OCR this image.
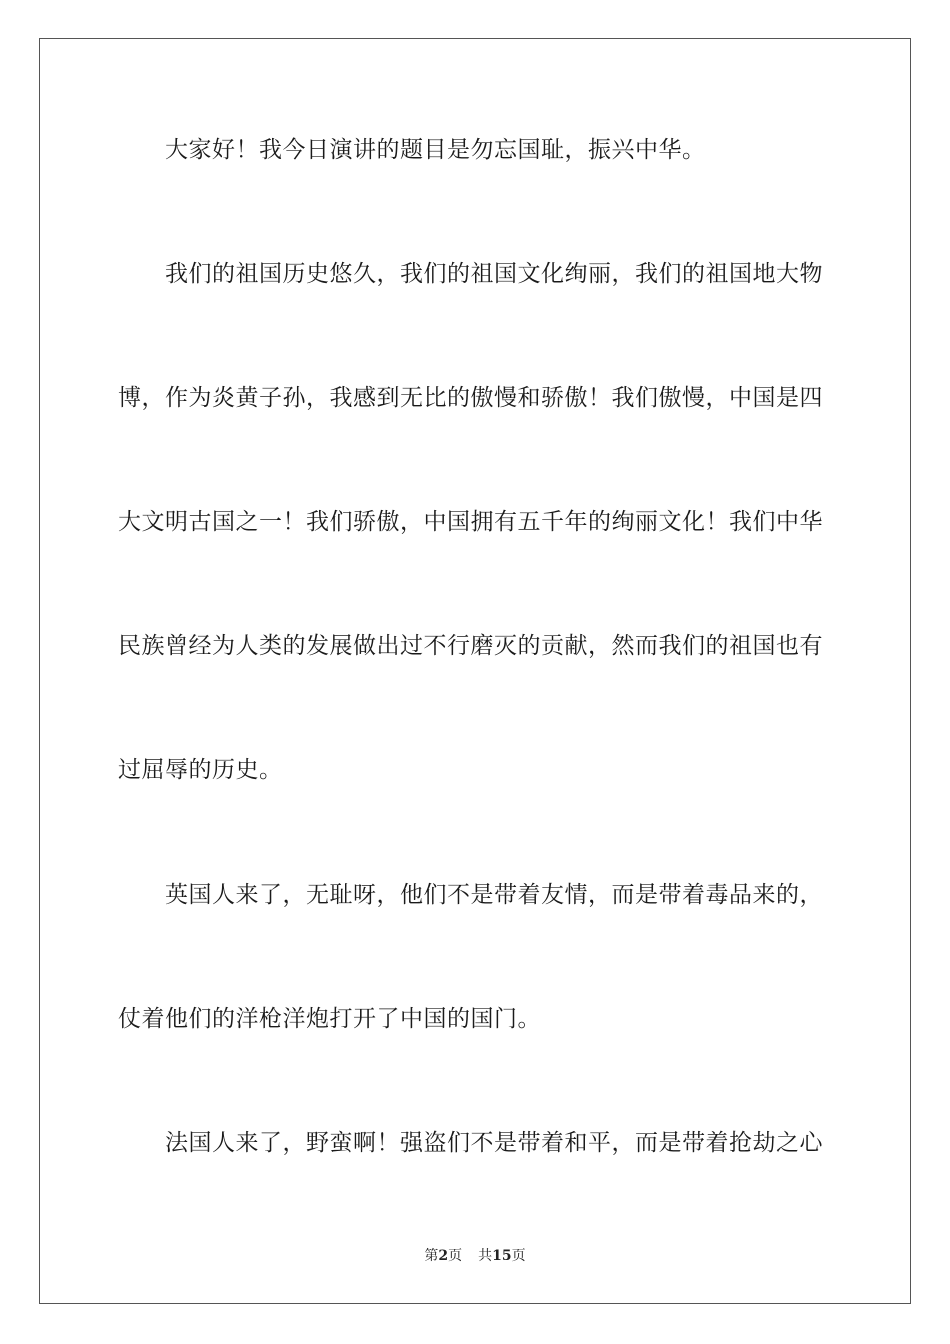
大家好！我今日演讲的题目是勿忘国耻，振兴中华。
我们的祖国历史悠久，我们的祖国文化绚丽，我们的祖国地大物
博，作为炎黄子孙，我感到无比的傲慢和骄傲！我们傲慢，中国是四
大文明古国之一！我们骄傲，中国拥有五千年的绚丽文化！我们中华
民族曾经为人类的发展做出过不行磨灭的贡献，然而我们的祖国也有
过屈辱的历史。
英国人来了，无耻呀，他们不是带着友情，而是带着毒品来的，
仗着他们的洋枪洋炮打开了中国的国门。
法国人来了，野蛮啊！强盗们不是带着和平，而是带着抢劫之心
第2页 共15页
